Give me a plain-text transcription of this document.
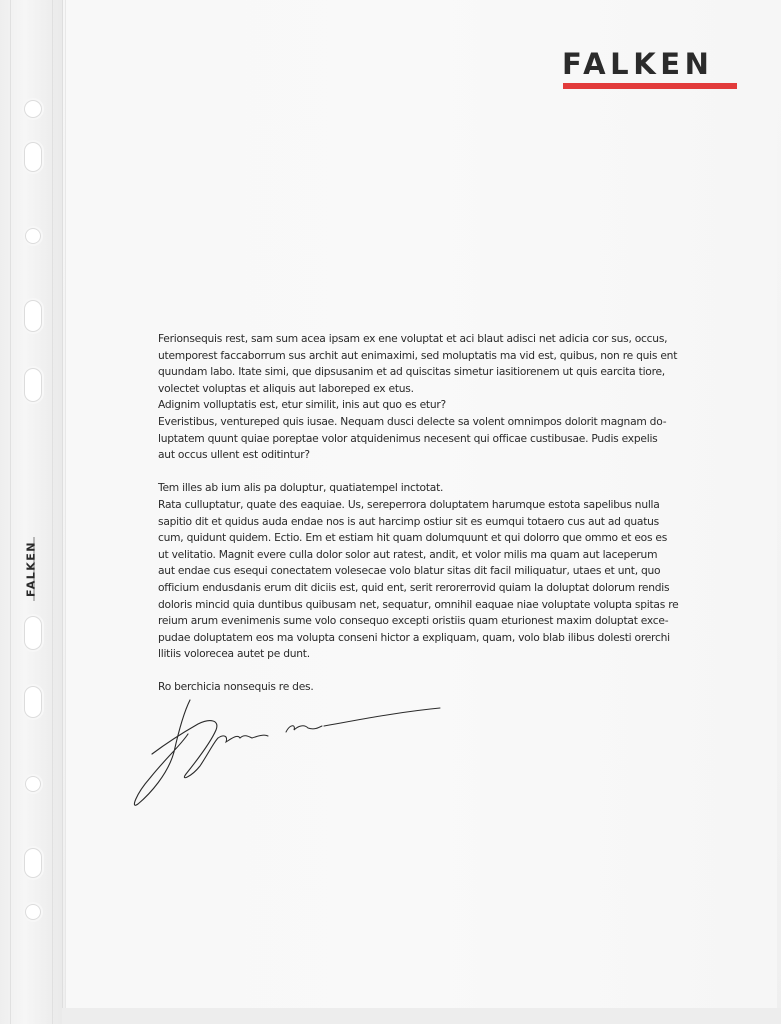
FALKEN
FALKEN

Ferionsequis rest, sam sum acea ipsam ex ene voluptat et aci blaut adisci net adicia cor sus, occus,

utemporest faccaborrum sus archit aut enimaximi, sed moluptatis ma vid est, quibus, non re quis ent

quundam labo. Itate simi, que dipsusanim et ad quiscitas simetur iasitiorenem ut quis earcita tiore,

volectet voluptas et aliquis aut laboreped ex etus.

Adignim volluptatis est, etur similit, inis aut quo es etur?

Everistibus, ventureped quis iusae. Nequam dusci delecte sa volent omnimpos dolorit magnam do-

luptatem quunt quiae poreptae volor atquidenimus necesent qui officae custibusae. Pudis expelis

aut occus ullent est oditintur?

Tem illes ab ium alis pa doluptur, quatiatempel inctotat.

Rata culluptatur, quate des eaquiae. Us, sereperrora doluptatem harumque estota sapelibus nulla

sapitio dit et quidus auda endae nos is aut harcimp ostiur sit es eumqui totaero cus aut ad quatus

cum, quidunt quidem. Ectio. Em et estiam hit quam dolumquunt et qui dolorro que ommo et eos es

ut velitatio. Magnit evere culla dolor solor aut ratest, andit, et volor milis ma quam aut laceperum

aut endae cus esequi conectatem volesecae volo blatur sitas dit facil miliquatur, utaes et unt, quo

officium endusdanis erum dit diciis est, quid ent, serit rerorerrovid quiam la doluptat dolorum rendis

doloris mincid quia duntibus quibusam net, sequatur, omnihil eaquae niae voluptate volupta spitas re

reium arum evenimenis sume volo consequo excepti oristiis quam eturionest maxim doluptat exce-

pudae doluptatem eos ma volupta conseni hictor a expliquam, quam, volo blab ilibus dolesti orerchi

llitiis volorecea autet pe dunt.

Ro berchicia nonsequis re des.
